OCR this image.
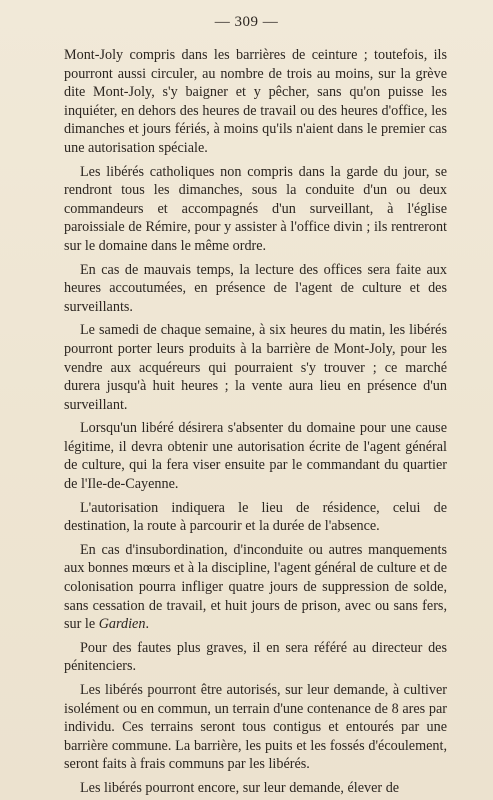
— 309 —

Mont-Joly compris dans les barrières de ceinture ; toutefois, ils pourront aussi circuler, au nombre de trois au moins, sur la grève dite Mont-Joly, s'y baigner et y pêcher, sans qu'on puisse les inquiéter, en dehors des heures de travail ou des heures d'office, les dimanches et jours fériés, à moins qu'ils n'aient dans le premier cas une autorisation spéciale.

Les libérés catholiques non compris dans la garde du jour, se rendront tous les dimanches, sous la conduite d'un ou deux commandeurs et accompagnés d'un surveillant, à l'église paroissiale de Rémire, pour y assister à l'office divin ; ils rentreront sur le domaine dans le même ordre.

En cas de mauvais temps, la lecture des offices sera faite aux heures accoutumées, en présence de l'agent de culture et des surveillants.

Le samedi de chaque semaine, à six heures du matin, les libérés pourront porter leurs produits à la barrière de Mont-Joly, pour les vendre aux acquéreurs qui pourraient s'y trouver ; ce marché durera jusqu'à huit heures ; la vente aura lieu en présence d'un surveillant.

Lorsqu'un libéré désirera s'absenter du domaine pour une cause légitime, il devra obtenir une autorisation écrite de l'agent général de culture, qui la fera viser ensuite par le commandant du quartier de l'Ile-de-Cayenne.

L'autorisation indiquera le lieu de résidence, celui de destination, la route à parcourir et la durée de l'absence.

En cas d'insubordination, d'inconduite ou autres manquements aux bonnes mœurs et à la discipline, l'agent général de culture et de colonisation pourra infliger quatre jours de suppression de solde, sans cessation de travail, et huit jours de prison, avec ou sans fers, sur le Gardien.

Pour des fautes plus graves, il en sera référé au directeur des pénitenciers.

Les libérés pourront être autorisés, sur leur demande, à cultiver isolément ou en commun, un terrain d'une contenance de 8 ares par individu. Ces terrains seront tous contigus et entourés par une barrière commune. La barrière, les puits et les fossés d'écoulement, seront faits à frais communs par les libérés.

Les libérés pourront encore, sur leur demande, élever de
